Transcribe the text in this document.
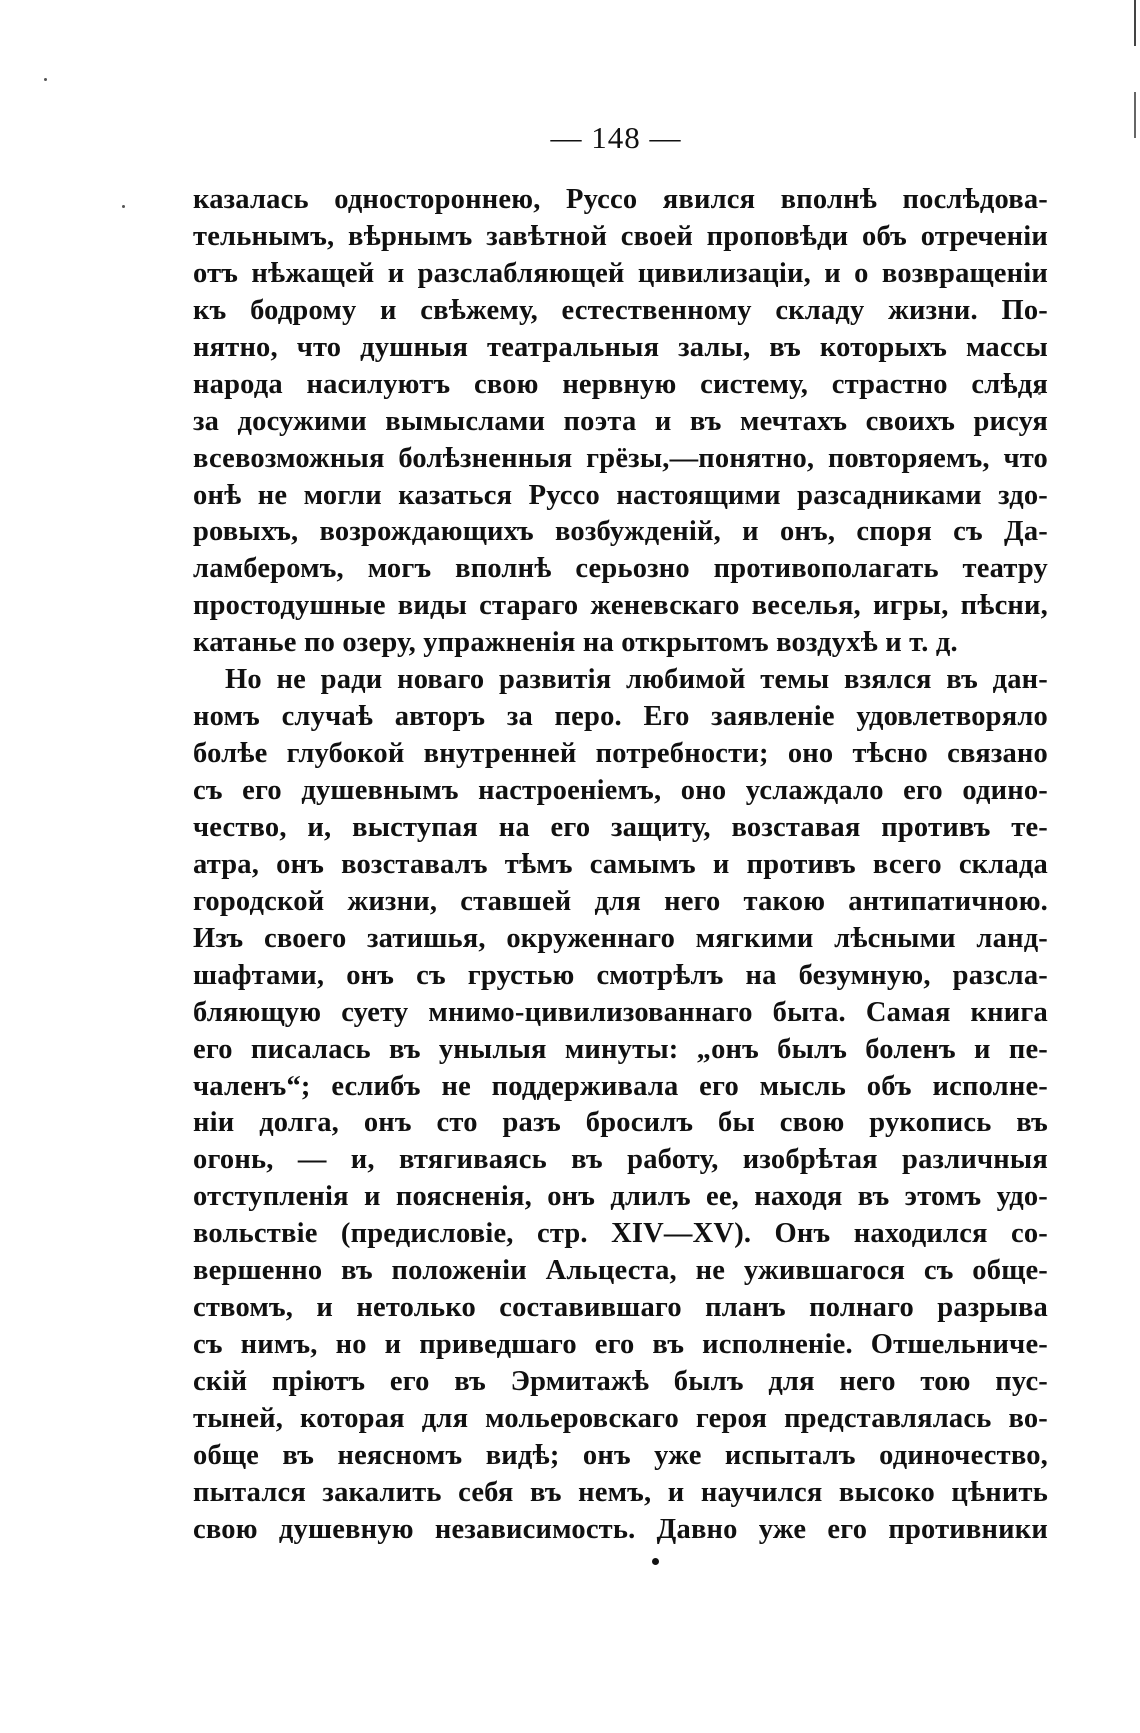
— 148 —
казалась одностороннею, Руссо явился вполнѣ послѣдова-
тельнымъ, вѣрнымъ завѣтной своей проповѣди объ отреченіи
отъ нѣжащей и разслабляющей цивилизаціи, и о возвращеніи
къ бодрому и свѣжему, естественному складу жизни. По-
нятно, что душныя театральныя залы, въ которыхъ массы
народа насилуютъ свою нервную систему, страстно слѣдя
за досужими вымыслами поэта и въ мечтахъ своихъ рисуя
всевозможныя болѣзненныя грёзы,—понятно, повторяемъ, что
онѣ не могли казаться Руссо настоящими разсадниками здо-
ровыхъ, возрождающихъ возбужденій, и онъ, споря съ Да-
ламберомъ, могъ вполнѣ серьозно противополагать театру
простодушные виды стараго женевскаго веселья, игры, пѣсни,
катанье по озеру, упражненія на открытомъ воздухѣ и т. д.
Но не ради новаго развитія любимой темы взялся въ дан-
номъ случаѣ авторъ за перо. Его заявленіе удовлетворяло
болѣе глубокой внутренней потребности; оно тѣсно связано
съ его душевнымъ настроеніемъ, оно услаждало его одино-
чество, и, выступая на его защиту, возставая противъ те-
атра, онъ возставалъ тѣмъ самымъ и противъ всего склада
городской жизни, ставшей для него такою антипатичною.
Изъ своего затишья, окруженнаго мягкими лѣсными ланд-
шафтами, онъ съ грустью смотрѣлъ на безумную, разсла-
бляющую суету мнимо-цивилизованнаго быта. Самая книга
его писалась въ унылыя минуты: „онъ былъ боленъ и пе-
чаленъ“; еслибъ не поддерживала его мысль объ исполне-
ніи долга, онъ сто разъ бросилъ бы свою рукопись въ
огонь, — и, втягиваясь въ работу, изобрѣтая различныя
отступленія и поясненія, онъ длилъ ее, находя въ этомъ удо-
вольствіе (предисловіе, стр. XIV—XV). Онъ находился со-
вершенно въ положеніи Альцеста, не ужившагося съ обще-
ствомъ, и нетолько составившаго планъ полнаго разрыва
съ нимъ, но и приведшаго его въ исполненіе. Отшельниче-
скій пріютъ его въ Эрмитажѣ былъ для него тою пус-
тыней, которая для мольеровскаго героя представлялась во-
обще въ неясномъ видѣ; онъ уже испыталъ одиночество,
пытался закалить себя въ немъ, и научился высоко цѣнить
свою душевную независимость. Давно уже его противники
